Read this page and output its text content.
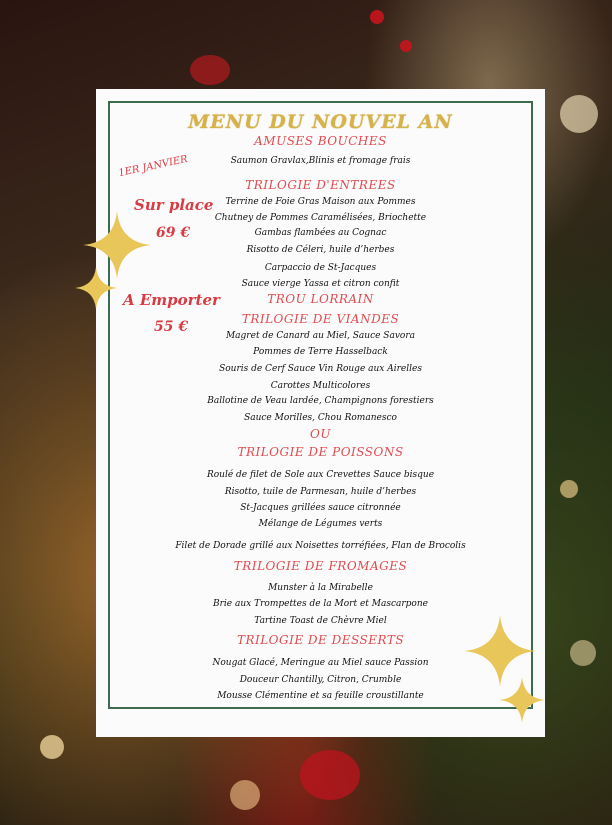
MENU DU NOUVEL AN
AMUSES BOUCHES
1ER JANVIER	Saumon Gravlax,Blinis et fromage frais
TRILOGIE D'ENTREES
Terrine de Foie Gras Maison aux Pommes
Chutney de Pommes Caramélisées, Briochette
Gambas flambées au Cognac
Risotto de Céleri, huile d’herbes
Carpaccio de St-Jacques
Sauce vierge Yassa et citron confit
Sur place
69 €
A Emporter
55 €
TROU LORRAIN
TRILOGIE DE VIANDES
Magret de Canard au Miel, Sauce Savora
Pommes de Terre Hasselback
Souris de Cerf Sauce Vin Rouge aux Airelles
Carottes Multicolores
Ballotine de Veau lardée, Champignons forestiers
Sauce Morilles, Chou Romanesco
OU
TRILOGIE DE POISSONS
Roulé de filet de Sole aux Crevettes Sauce bisque
Risotto, tuile de Parmesan, huile d’herbes
St-Jacques grillées sauce citronnée
Mélange de Légumes verts
Filet de Dorade grillé aux Noisettes torréfiées, Flan de Brocolis
TRILOGIE DE FROMAGES
Munster à la Mirabelle
Brie aux Trompettes de la Mort et Mascarpone
Tartine Toast de Chèvre Miel
TRILOGIE DE DESSERTS
Nougat Glacé, Meringue au Miel sauce Passion
Douceur Chantilly, Citron, Crumble
Mousse Clémentine et sa feuille croustillante
